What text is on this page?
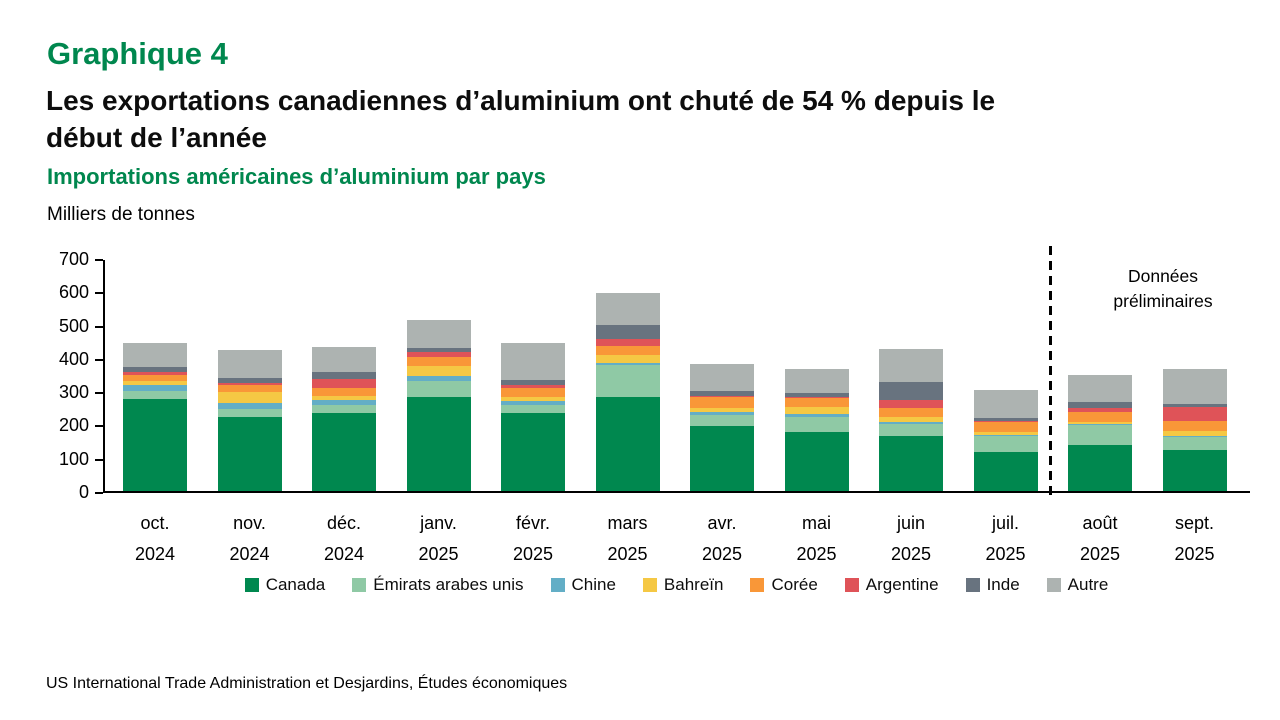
Graphique 4
Les exportations canadiennes d’aluminium ont chuté de 54 % depuis le
début de l’année
Importations américaines d’aluminium par pays
Milliers de tonnes
Données
préliminaires
0
100
200
300
400
500
600
700
oct.
2024
nov.
2024
déc.
2024
janv.
2025
févr.
2025
mars
2025
avr.
2025
mai
2025
juin
2025
juil.
2025
août
2025
sept.
2025
Canada	Émirats arabes unis	Chine	Bahreïn	Corée	Argentine	Inde	Autre
US International Trade Administration et Desjardins, Études économiques
